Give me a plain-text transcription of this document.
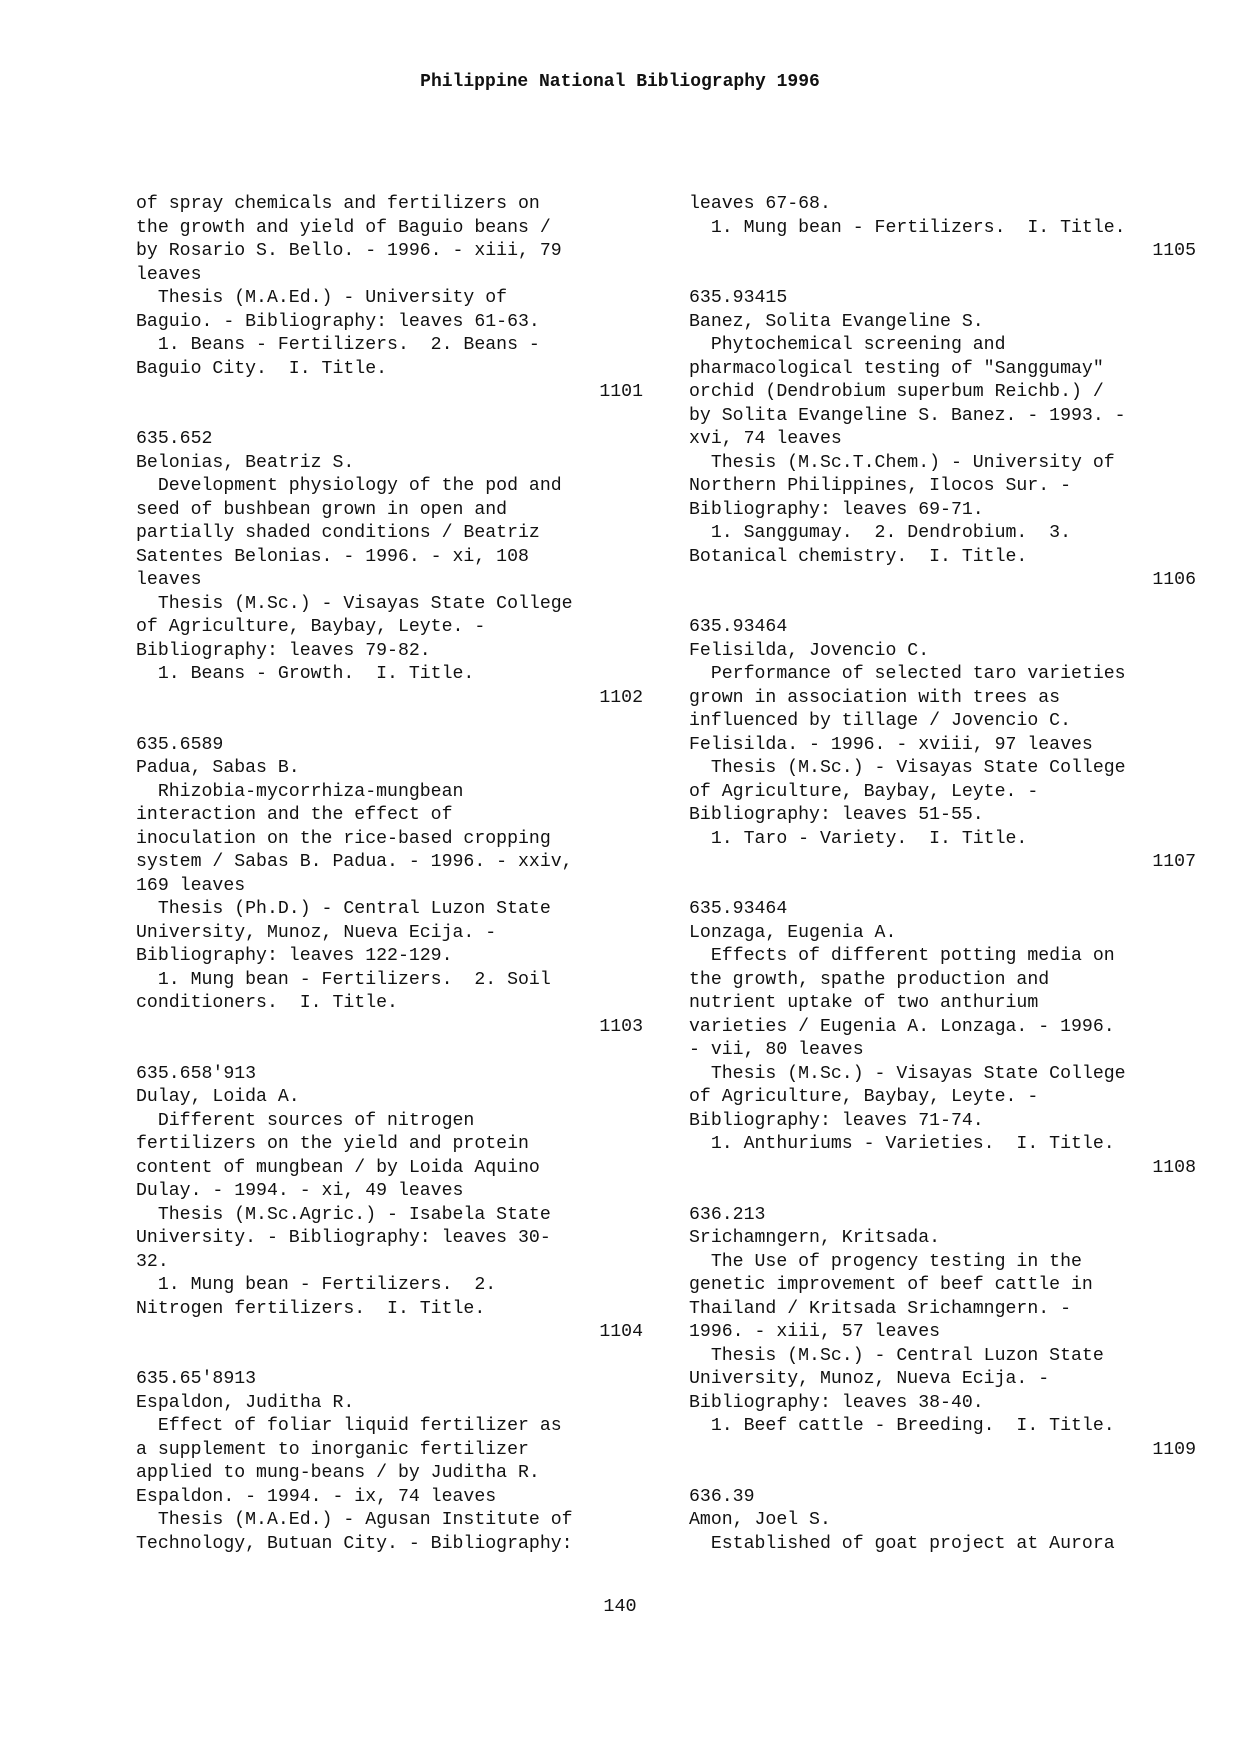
Philippine National Bibliography 1996
of spray chemicals and fertilizers on
the growth and yield of Baguio beans /
by Rosario S. Bello. - 1996. - xiii, 79
leaves
Thesis (M.A.Ed.) - University of
Baguio. - Bibliography: leaves 61-63.
1. Beans - Fertilizers.  2. Beans -
Baguio City.  I. Title.
1101
635.652
Belonias, Beatriz S.
Development physiology of the pod and
seed of bushbean grown in open and
partially shaded conditions / Beatriz
Satentes Belonias. - 1996. - xi, 108
leaves
Thesis (M.Sc.) - Visayas State College
of Agriculture, Baybay, Leyte. -
Bibliography: leaves 79-82.
1. Beans - Growth.  I. Title.
1102
635.6589
Padua, Sabas B.
Rhizobia-mycorrhiza-mungbean
interaction and the effect of
inoculation on the rice-based cropping
system / Sabas B. Padua. - 1996. - xxiv,
169 leaves
Thesis (Ph.D.) - Central Luzon State
University, Munoz, Nueva Ecija. -
Bibliography: leaves 122-129.
1. Mung bean - Fertilizers.  2. Soil
conditioners.  I. Title.
1103
635.658'913
Dulay, Loida A.
Different sources of nitrogen
fertilizers on the yield and protein
content of mungbean / by Loida Aquino
Dulay. - 1994. - xi, 49 leaves
Thesis (M.Sc.Agric.) - Isabela State
University. - Bibliography: leaves 30-
32.
1. Mung bean - Fertilizers.  2.
Nitrogen fertilizers.  I. Title.
1104
635.65'8913
Espaldon, Juditha R.
Effect of foliar liquid fertilizer as
a supplement to inorganic fertilizer
applied to mung-beans / by Juditha R.
Espaldon. - 1994. - ix, 74 leaves
Thesis (M.A.Ed.) - Agusan Institute of
Technology, Butuan City. - Bibliography:
leaves 67-68.
1. Mung bean - Fertilizers.  I. Title.
1105
635.93415
Banez, Solita Evangeline S.
Phytochemical screening and
pharmacological testing of "Sanggumay"
orchid (Dendrobium superbum Reichb.) /
by Solita Evangeline S. Banez. - 1993. -
xvi, 74 leaves
Thesis (M.Sc.T.Chem.) - University of
Northern Philippines, Ilocos Sur. -
Bibliography: leaves 69-71.
1. Sanggumay.  2. Dendrobium.  3.
Botanical chemistry.  I. Title.
1106
635.93464
Felisilda, Jovencio C.
Performance of selected taro varieties
grown in association with trees as
influenced by tillage / Jovencio C.
Felisilda. - 1996. - xviii, 97 leaves
Thesis (M.Sc.) - Visayas State College
of Agriculture, Baybay, Leyte. -
Bibliography: leaves 51-55.
1. Taro - Variety.  I. Title.
1107
635.93464
Lonzaga, Eugenia A.
Effects of different potting media on
the growth, spathe production and
nutrient uptake of two anthurium
varieties / Eugenia A. Lonzaga. - 1996.
- vii, 80 leaves
Thesis (M.Sc.) - Visayas State College
of Agriculture, Baybay, Leyte. -
Bibliography: leaves 71-74.
1. Anthuriums - Varieties.  I. Title.
1108
636.213
Srichamngern, Kritsada.
The Use of progency testing in the
genetic improvement of beef cattle in
Thailand / Kritsada Srichamngern. -
1996. - xiii, 57 leaves
Thesis (M.Sc.) - Central Luzon State
University, Munoz, Nueva Ecija. -
Bibliography: leaves 38-40.
1. Beef cattle - Breeding.  I. Title.
1109
636.39
Amon, Joel S.
Established of goat project at Aurora
140
